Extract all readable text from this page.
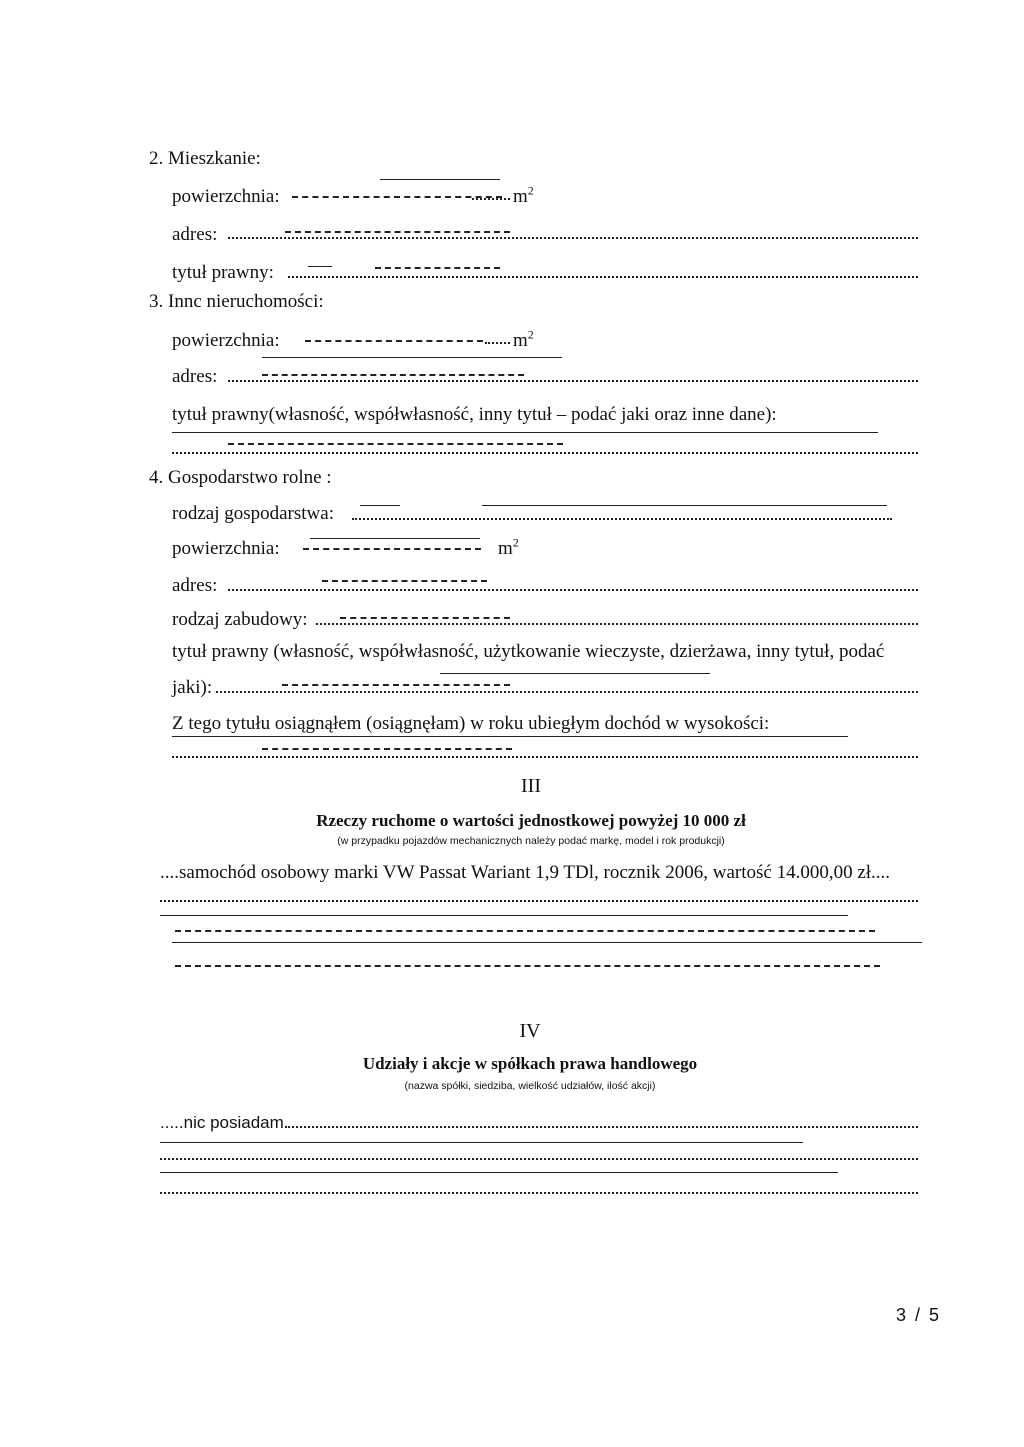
2. Mieszkanie:
powierzchnia:	$m^2$
adres:
tytuł prawny:
3. Innc nieruchomości:
powierzchnia:	$m^2$
adres:
tytuł prawny(własność, współwłasność, inny tytuł – podać jaki oraz inne dane):
4. Gospodarstwo rolne :
rodzaj gospodarstwa:
powierzchnia:	$m^2$
adres:
rodzaj zabudowy:
tytuł prawny (własność, współwłasność, użytkowanie wieczyste, dzierżawa, inny tytuł, podać
jaki):
Z tego tytułu osiągnąłem (osiągnęłam) w roku ubiegłym dochód w wysokości:
III
Rzeczy ruchome o wartości jednostkowej powyżej 10 000 zł
(w przypadku pojazdów mechanicznych należy podać markę, model i rok produkcji)
....samochód osobowy marki VW Passat Wariant 1,9 TDl, rocznik 2006, wartość 14.000,00 zł....
IV
Udziały i akcje w spółkach prawa handlowego
(nazwa spółki, siedziba, wielkość udziałów, ilość akcji)
.....nic posiadam.
3 / 5
